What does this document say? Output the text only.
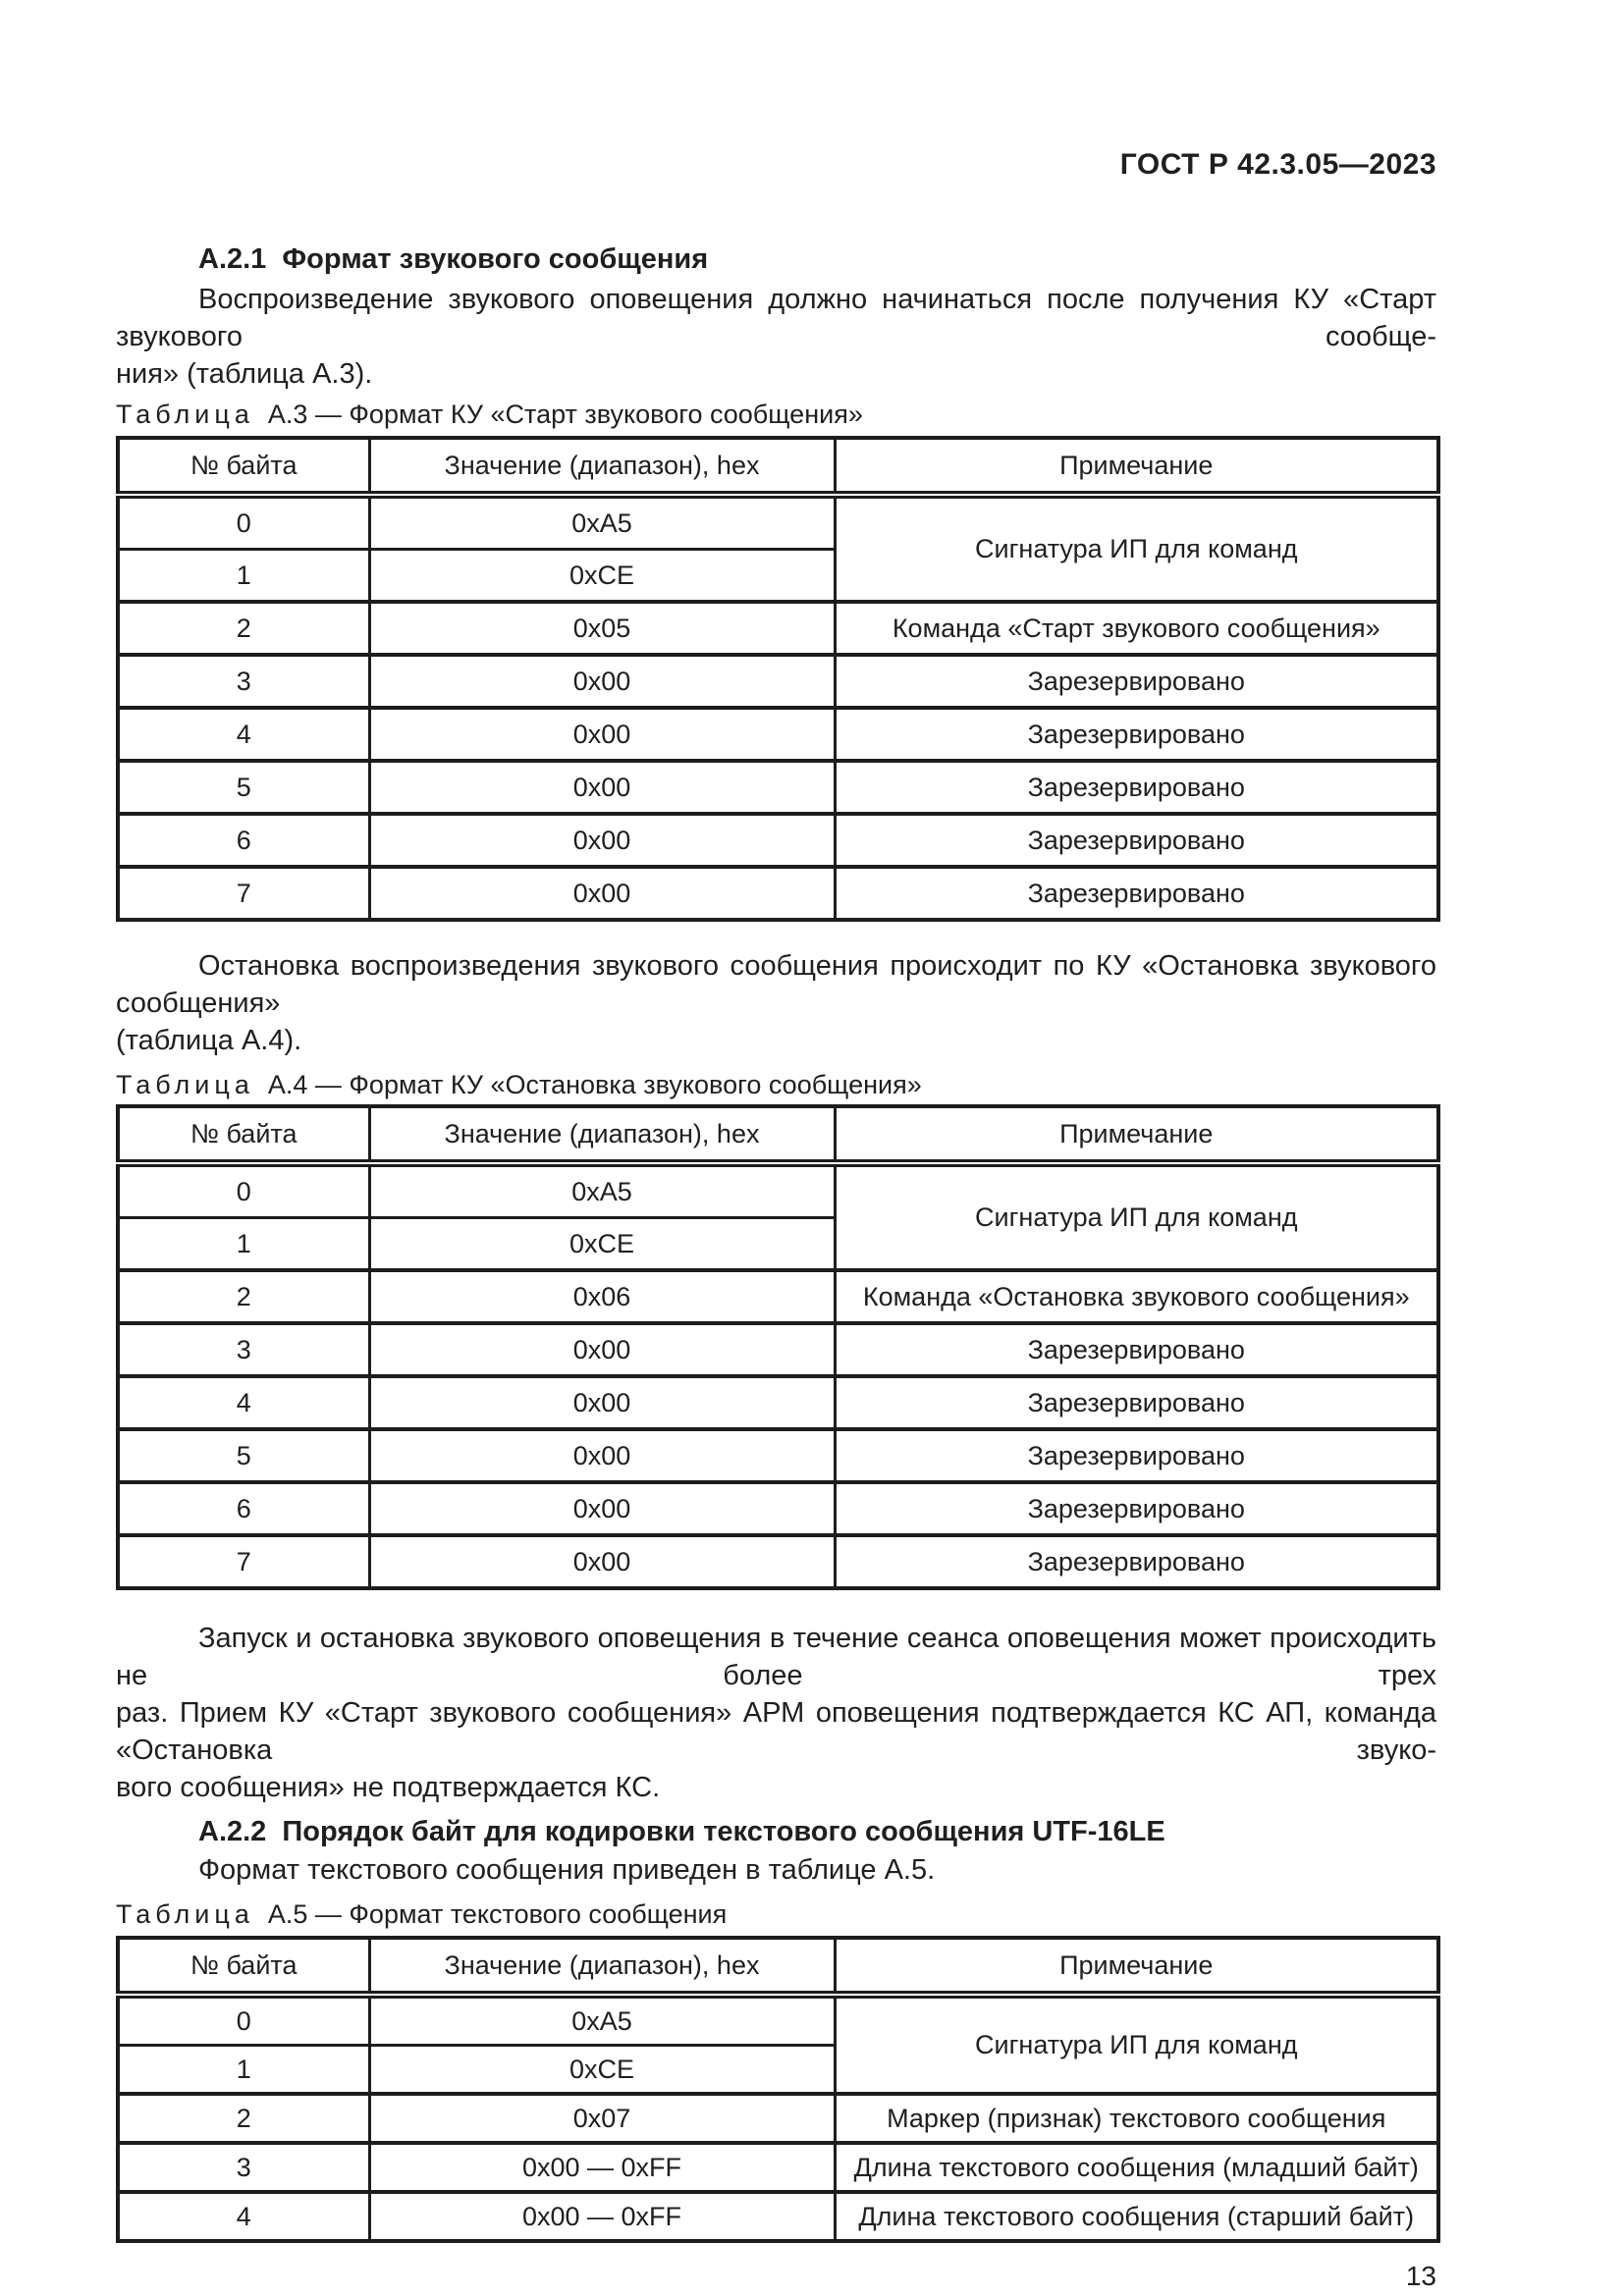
ГОСТ Р 42.3.05—2023
А.2.1  Формат звукового сообщения
Воспроизведение звукового оповещения должно начинаться после получения КУ «Старт звукового сообще-
ния» (таблица А.3).
Таблица А.3 — Формат КУ «Старт звукового сообщения»
№ байта	Значение (диапазон), hex	Примечание
0	0xA5	Сигнатура ИП для команд
1	0xCE	
2	0x05	Команда «Старт звукового сообщения»
3	0x00	Зарезервировано
4	0x00	Зарезервировано
5	0x00	Зарезервировано
6	0x00	Зарезервировано
7	0x00	Зарезервировано
Остановка воспроизведения звукового сообщения происходит по КУ «Остановка звукового сообщения»
(таблица А.4).
Таблица А.4 — Формат КУ «Остановка звукового сообщения»
№ байта	Значение (диапазон), hex	Примечание
0	0xA5	Сигнатура ИП для команд
1	0xCE	
2	0x06	Команда «Остановка звукового сообщения»
3	0x00	Зарезервировано
4	0x00	Зарезервировано
5	0x00	Зарезервировано
6	0x00	Зарезервировано
7	0x00	Зарезервировано
Запуск и остановка звукового оповещения в течение сеанса оповещения может происходить не более трех
раз. Прием КУ «Старт звукового сообщения» АРМ оповещения подтверждается КС АП, команда «Остановка звуко-
вого сообщения» не подтверждается КС.
А.2.2  Порядок байт для кодировки текстового сообщения UTF-16LE
Формат текстового сообщения приведен в таблице А.5.
Таблица А.5 — Формат текстового сообщения
№ байта	Значение (диапазон), hex	Примечание
0	0xA5	Сигнатура ИП для команд
1	0xCE	
2	0x07	Маркер (признак) текстового сообщения
3	0x00 — 0xFF	Длина текстового сообщения (младший байт)
4	0x00 — 0xFF	Длина текстового сообщения (старший байт)
13
